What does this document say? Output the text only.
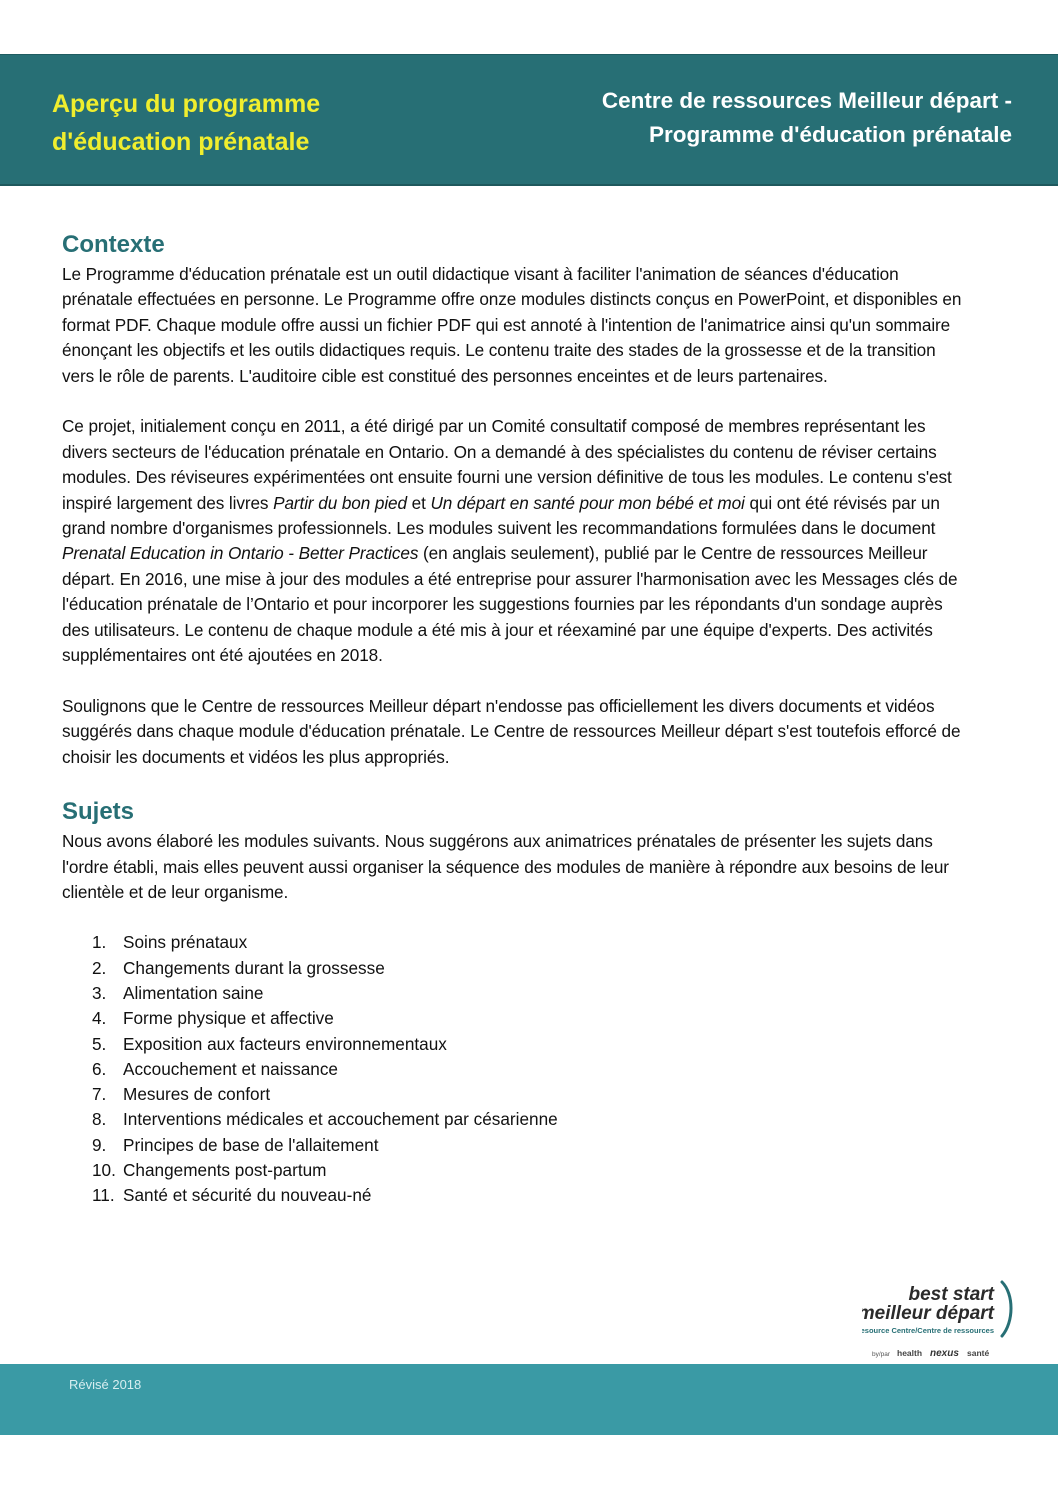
Aperçu du programme
d'éducation prénatale
Centre de ressources Meilleur départ -
Programme d'éducation prénatale
Contexte

Le Programme d'éducation prénatale est un outil didactique visant à faciliter l'animation de séances d'éducation prénatale effectuées en personne. Le Programme offre onze modules distincts conçus en PowerPoint, et disponibles en format PDF. Chaque module offre aussi un fichier PDF qui est annoté à l'intention de l'animatrice ainsi qu'un sommaire énonçant les objectifs et les outils didactiques requis. Le contenu traite des stades de la grossesse et de la transition vers le rôle de parents. L'auditoire cible est constitué des personnes enceintes et de leurs partenaires.

Ce projet, initialement conçu en 2011, a été dirigé par un Comité consultatif composé de membres représentant les divers secteurs de l'éducation prénatale en Ontario. On a demandé à des spécialistes du contenu de réviser certains modules. Des réviseures expérimentées ont ensuite fourni une version définitive de tous les modules. Le contenu s'est inspiré largement des livres Partir du bon pied et Un départ en santé pour mon bébé et moi qui ont été révisés par un grand nombre d'organismes professionnels. Les modules suivent les recommandations formulées dans le document Prenatal Education in Ontario - Better Practices (en anglais seulement), publié par le Centre de ressources Meilleur départ. En 2016, une mise à jour des modules a été entreprise pour assurer l'harmonisation avec les Messages clés de l'éducation prénatale de l’Ontario et pour incorporer les suggestions fournies par les répondants d'un sondage auprès des utilisateurs. Le contenu de chaque module a été mis à jour et réexaminé par une équipe d'experts. Des activités supplémentaires ont été ajoutées en 2018.

Soulignons que le Centre de ressources Meilleur départ n'endosse pas officiellement les divers documents et vidéos suggérés dans chaque module d'éducation prénatale. Le Centre de ressources Meilleur départ s'est toutefois efforcé de choisir les documents et vidéos les plus appropriés.

Sujets

Nous avons élaboré les modules suivants. Nous suggérons aux animatrices prénatales de présenter les sujets dans l'ordre établi, mais elles peuvent aussi organiser la séquence des modules de manière à répondre aux besoins de leur clientèle et de leur organisme.

1. Soins prénataux
2. Changements durant la grossesse
3. Alimentation saine
4. Forme physique et affective
5. Exposition aux facteurs environnementaux
6. Accouchement et naissance
7. Mesures de confort
8. Interventions médicales et accouchement par césarienne
9. Principes de base de l'allaitement
10. Changements post-partum
11. Santé et sécurité du nouveau-né
best start
meilleur départ
Resource Centre/Centre de ressources
by/par health nexus santé
Révisé 2018
